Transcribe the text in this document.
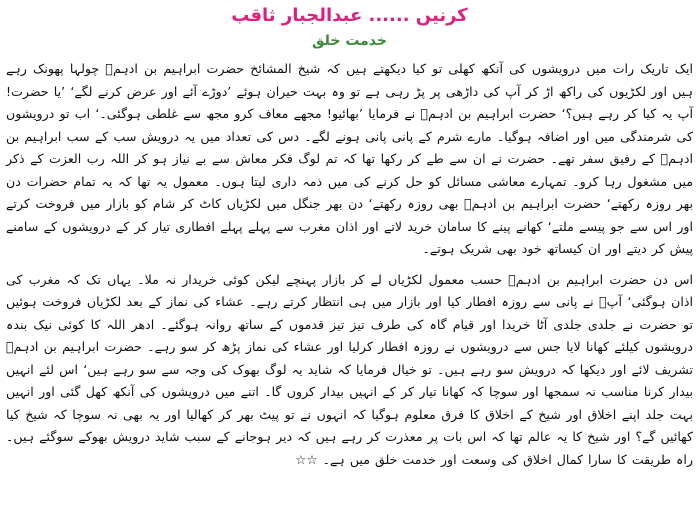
کرنیں ...... عبدالجبار ثاقب
خدمت خلق

ایک تاریک رات میں درویشوں کی آنکھ کھلی تو کیا دیکھتے ہیں کہ شیخ المشائخ حضرت ابراہیم بن ادہمؒ چولہا پھونک رہے ہیں اور لکڑیوں کی راکھ اڑ کر آپ کی داڑھی پر پڑ رہی ہے تو وہ بہت حیران ہوئے ’دوڑے آئے اور عرض کرنے لگے‘ ’یا حضرت! آپ یہ کیا کر رہے ہیں؟‘ حضرت ابراہیم بن ادہمؒ نے فرمایا ’بھائیو! مجھے معاف کرو مجھ سے غلطی ہوگئی۔‘ اب تو درویشوں کی شرمندگی میں اور اضافہ ہوگیا۔ مارے شرم کے پانی پانی ہونے لگے۔ دس کی تعداد میں یہ درویش سب کے سب ابراہیم بن ادہمؒ کے رفیق سفر تھے۔ حضرت نے ان سے طے کر رکھا تھا کہ تم لوگ فکر معاش سے بے نیاز ہو کر اللہ رب العزت کے ذکر میں مشغول رہا کرو۔ تمہارے معاشی مسائل کو حل کرنے کی میں ذمہ داری لیتا ہوں۔ معمول یہ تھا کہ یہ تمام حضرات دن بھر روزہ رکھتے‘ حضرت ابراہیم بن ادہمؒ بھی روزہ رکھتے‘ دن بھر جنگل میں لکڑیاں کاٹ کر شام کو بازار میں فروخت کرتے اور اس سے جو پیسے ملتے‘ کھانے پینے کا سامان خرید لاتے اور اذان مغرب سے پہلے پہلے افطاری تیار کر کے درویشوں کے سامنے پیش کر دیتے اور ان کیساتھ خود بھی شریک ہوتے۔

اس دن حضرت ابراہیم بن ادہمؒ حسب معمول لکڑیاں لے کر بازار پہنچے لیکن کوئی خریدار نہ ملا۔ یہاں تک کہ مغرب کی اذان ہوگئی‘ آپؒ نے پانی سے روزہ افطار کیا اور بازار میں ہی انتظار کرتے رہے۔ عشاء کی نماز کے بعد لکڑیاں فروخت ہوئیں تو حضرت نے جلدی جلدی آٹا خریدا اور قیام گاہ کی طرف تیز تیز قدموں کے ساتھ روانہ ہوگئے۔ ادھر اللہ کا کوئی نیک بندہ درویشوں کیلئے کھانا لایا جس سے درویشوں نے روزہ افطار کرلیا اور عشاء کی نماز پڑھ کر سو رہے۔ حضرت ابراہیم بن ادہمؒ تشریف لائے اور دیکھا کہ درویش سو رہے ہیں۔ تو خیال فرمایا کہ شاید یہ لوگ بھوک کی وجہ سے سو رہے ہیں‘ اس لئے انہیں بیدار کرنا مناسب نہ سمجھا اور سوچا کہ کھانا تیار کر کے انہیں بیدار کروں گا۔ اتنے میں درویشوں کی آنکھ کھل گئی اور انہیں بہت جلد اپنے اخلاق اور شیخ کے اخلاق کا فرق معلوم ہوگیا کہ انہوں نے تو پیٹ بھر کر کھالیا اور یہ بھی نہ سوچا کہ شیخ کیا کھائیں گے؟ اور شیخ کا یہ عالم تھا کہ اس بات پر معذرت کر رہے ہیں کہ دیر ہوجانے کے سبب شاید درویش بھوکے سوگئے ہیں۔ راہ طریقت کا سارا کمال اخلاق کی وسعت اور خدمت خلق میں ہے۔ ☆☆
